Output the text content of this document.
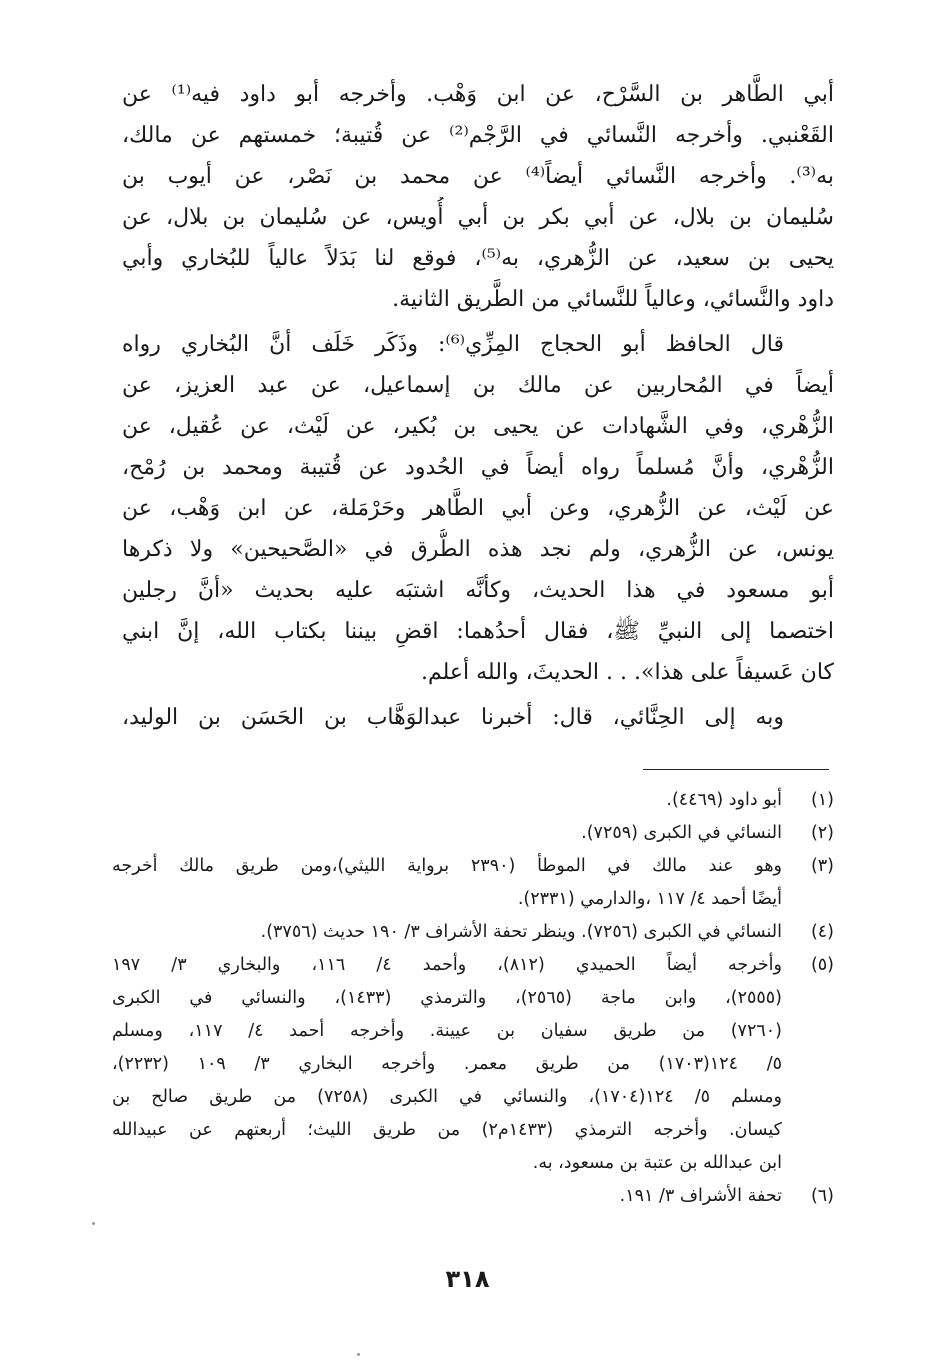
أبي الطَّاهر بن السَّرْح، عن ابن وَهْب. وأخرجه أبو داود فيه⁽¹⁾ عن
القَعْنبي. وأخرجه النَّسائي في الرَّجْم⁽²⁾ عن قُتيبة؛ خمستهم عن مالك،
به⁽³⁾. وأخرجه النَّسائي أيضاً⁽⁴⁾ عن محمد بن نَصْر، عن أيوب بن
سُليمان بن بلال، عن أبي بكر بن أبي أُويس، عن سُليمان بن بلال، عن
يحيى بن سعيد، عن الزُّهري، به⁽⁵⁾، فوقع لنا بَدَلاً عالياً للبُخاري وأبي
داود والنَّسائي، وعالياً للنَّسائي من الطَّريق الثانية.
قال الحافظ أبو الحجاج المِزِّي⁽⁶⁾: وذَكَر خَلَف أنَّ البُخاري رواه
أيضاً في المُحاربين عن مالك بن إسماعيل، عن عبد العزيز، عن
الزُّهْري، وفي الشَّهادات عن يحيى بن بُكير، عن لَيْث، عن عُقيل، عن
الزُّهْري، وأنَّ مُسلماً رواه أيضاً في الحُدود عن قُتيبة ومحمد بن رُمْح،
عن لَيْث، عن الزُّهري، وعن أبي الطَّاهر وحَرْمَلة، عن ابن وَهْب، عن
يونس، عن الزُّهري، ولم نجد هذه الطُّرق في «الصَّحيحين» ولا ذكرها
أبو مسعود في هذا الحديث، وكأنَّه اشتبَه عليه بحديث «أنَّ رجلين
اختصما إلى النبيِّ ﷺ، فقال أحدُهما: اقضِ بيننا بكتاب الله، إنَّ ابني
كان عَسيفاً على هذا». . . الحديثَ، والله أعلم.
وبه إلى الحِنَّائي، قال: أخبرنا عبدالوَهَّاب بن الحَسَن بن الوليد،
(١)
أبو داود (٤٤٦٩).
(٢)
النسائي في الكبرى (٧٢٥٩).
(٣)
وهو عند مالك في الموطأ (٢٣٩٠ برواية الليثي)،ومن طريق مالك أخرجه
أيضًا أحمد ٤/ ١١٧ ،والدارمي (٢٣٣١).
(٤)
النسائي في الكبرى (٧٢٥٦). وينظر تحفة الأشراف ٣/ ١٩٠ حديث (٣٧٥٦).
(٥)
وأخرجه أيضاً الحميدي (٨١٢)، وأحمد ٤/ ١١٦، والبخاري ٣/ ١٩٧
(٢٥٥٥)، وابن ماجة (٢٥٦٥)، والترمذي (١٤٣٣)، والنسائي في الكبرى
(٧٢٦٠) من طريق سفيان بن عيينة. وأخرجه أحمد ٤/ ١١٧، ومسلم
٥/ ١٢٤(١٧٠٣) من طريق معمر. وأخرجه البخاري ٣/ ١٠٩ (٢٢٣٢)،
ومسلم ٥/ ١٢٤(١٧٠٤)، والنسائي في الكبرى (٧٢٥٨) من طريق صالح بن
كيسان. وأخرجه الترمذي (١٤٣٣م٢) من طريق الليث؛ أربعتهم عن عبيدالله
ابن عبدالله بن عتبة بن مسعود، به.
(٦)
تحفة الأشراف ٣/ ١٩١.
٣١٨
